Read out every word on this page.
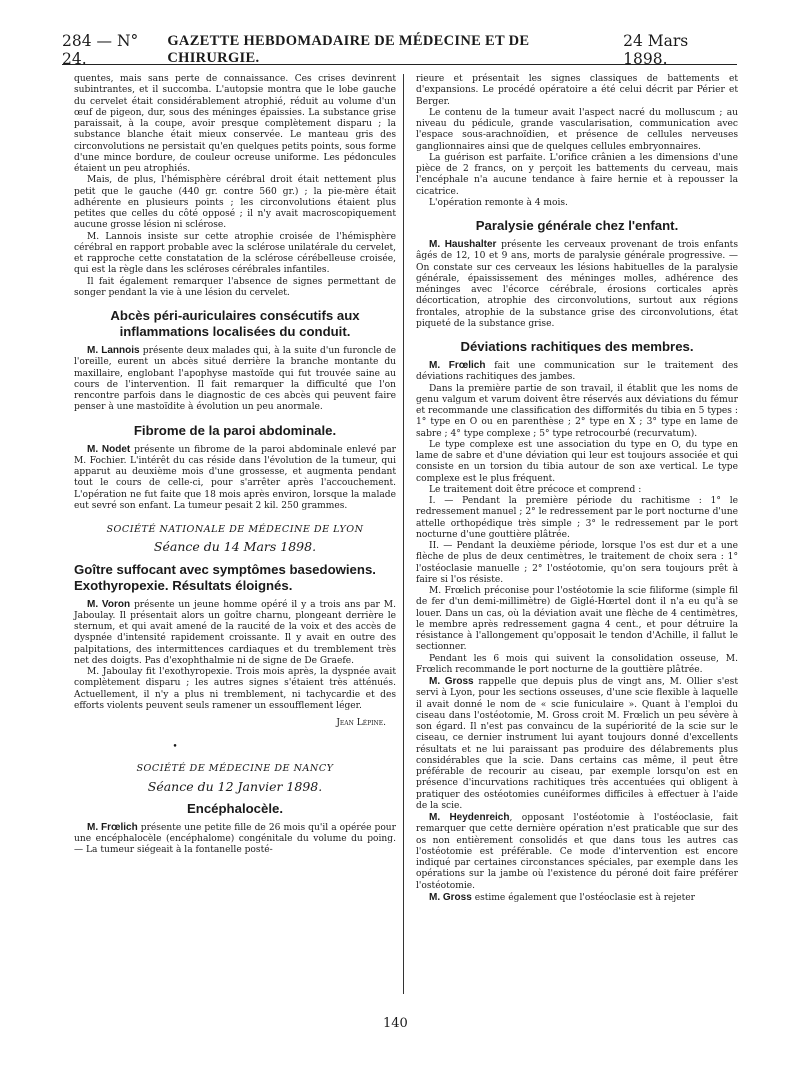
284 — N° 24.
GAZETTE HEBDOMADAIRE DE MÉDECINE ET DE CHIRURGIE.
24 Mars 1898.

quentes, mais sans perte de connaissance. Ces crises devinrent subintrantes, et il succomba. L'autopsie montra que le lobe gauche du cervelet était considérablement atrophié, réduit au volume d'un œuf de pigeon, dur, sous des méninges épaissies. La substance grise paraissait, à la coupe, avoir presque complètement disparu ; la substance blanche était mieux conservée. Le manteau gris des circonvolutions ne persistait qu'en quelques petits points, sous forme d'une mince bordure, de couleur ocreuse uniforme. Les pédoncules étaient un peu atrophiés.

Mais, de plus, l'hémisphère cérébral droit était nettement plus petit que le gauche (440 gr. contre 560 gr.) ; la pie-mère était adhérente en plusieurs points ; les circonvolutions étaient plus petites que celles du côté opposé ; il n'y avait macroscopiquement aucune grosse lésion ni sclérose.

M. Lannois insiste sur cette atrophie croisée de l'hémisphère cérébral en rapport probable avec la sclérose unilatérale du cervelet, et rapproche cette constatation de la sclérose cérébelleuse croisée, qui est la règle dans les scléroses cérébrales infantiles.

Il fait également remarquer l'absence de signes permettant de songer pendant la vie à une lésion du cervelet.

Abcès péri-auriculaires consécutifs aux inflammations localisées du conduit.

M. Lannois présente deux malades qui, à la suite d'un furoncle de l'oreille, eurent un abcès situé derrière la branche montante du maxillaire, englobant l'apophyse mastoïde qui fut trouvée saine au cours de l'intervention. Il fait remarquer la difficulté que l'on rencontre parfois dans le diagnostic de ces abcès qui peuvent faire penser à une mastoïdite à évolution un peu anormale.

Fibrome de la paroi abdominale.

M. Nodet présente un fibrome de la paroi abdominale enlevé par M. Fochier. L'intérêt du cas réside dans l'évolution de la tumeur, qui apparut au deuxième mois d'une grossesse, et augmenta pendant tout le cours de celle-ci, pour s'arrêter après l'accouchement. L'opération ne fut faite que 18 mois après environ, lorsque la malade eut sevré son enfant. La tumeur pesait 2 kil. 250 grammes.

SOCIÉTÉ NATIONALE DE MÉDECINE DE LYON
Séance du 14 Mars 1898.
Goître suffocant avec symptômes basedowiens. Exothyropexie. Résultats éloignés.

M. Voron présente un jeune homme opéré il y a trois ans par M. Jaboulay. Il présentait alors un goître charnu, plongeant derrière le sternum, et qui avait amené de la raucité de la voix et des accès de dyspnée d'intensité rapidement croissante. Il y avait en outre des palpitations, des intermittences cardiaques et du tremblement très net des doigts. Pas d'exophthalmie ni de signe de De Graefe.

M. Jaboulay fit l'exothyropexie. Trois mois après, la dyspnée avait complètement disparu ; les autres signes s'étaient très atténués. Actuellement, il n'y a plus ni tremblement, ni tachycardie et des efforts violents peuvent seuls ramener un essoufflement léger.

Jean Lépine.
•
SOCIÉTÉ DE MÉDECINE DE NANCY
Séance du 12 Janvier 1898.
Encéphalocèle.

M. Frœlich présente une petite fille de 26 mois qu'il a opérée pour une encéphalocèle (encéphalome) congénitale du volume du poing. — La tumeur siégeait à la fontanelle posté-

rieure et présentait les signes classiques de battements et d'expansions. Le procédé opératoire a été celui décrit par Périer et Berger.

Le contenu de la tumeur avait l'aspect nacré du molluscum ; au niveau du pédicule, grande vascularisation, communication avec l'espace sous-arachnoïdien, et présence de cellules nerveuses ganglionnaires ainsi que de quelques cellules embryonnaires.

La guérison est parfaite. L'orifice crânien a les dimensions d'une pièce de 2 francs, on y perçoit les battements du cerveau, mais l'encéphale n'a aucune tendance à faire hernie et à repousser la cicatrice.

L'opération remonte à 4 mois.

Paralysie générale chez l'enfant.

M. Haushalter présente les cerveaux provenant de trois enfants âgés de 12, 10 et 9 ans, morts de paralysie générale progressive. — On constate sur ces cerveaux les lésions habituelles de la paralysie générale, épaississement des méninges molles, adhérence des méninges avec l'écorce cérébrale, érosions corticales après décortication, atrophie des circonvolutions, surtout aux régions frontales, atrophie de la substance grise des circonvolutions, état piqueté de la substance grise.

Déviations rachitiques des membres.

M. Frœlich fait une communication sur le traitement des déviations rachitiques des jambes.

Dans la première partie de son travail, il établit que les noms de genu valgum et varum doivent être réservés aux déviations du fémur et recommande une classification des difformités du tibia en 5 types : 1° type en O ou en parenthèse ; 2° type en X ; 3° type en lame de sabre ; 4° type complexe ; 5° type retrocourbé (recurvatum).

Le type complexe est une association du type en O, du type en lame de sabre et d'une déviation qui leur est toujours associée et qui consiste en un torsion du tibia autour de son axe vertical. Le type complexe est le plus fréquent.

Le traitement doit être précoce et comprend :

I. — Pendant la première période du rachitisme : 1° le redressement manuel ; 2° le redressement par le port nocturne d'une attelle orthopédique très simple ; 3° le redressement par le port nocturne d'une gouttière plâtrée.

II. — Pendant la deuxième période, lorsque l'os est dur et a une flèche de plus de deux centimètres, le traitement de choix sera : 1° l'ostéoclasie manuelle ; 2° l'ostéotomie, qu'on sera toujours prêt à faire si l'os résiste.

M. Frœlich préconise pour l'ostéotomie la scie filiforme (simple fil de fer d'un demi-millimètre) de Giglé-Hœrtel dont il n'a eu qu'à se louer. Dans un cas, où la déviation avait une flèche de 4 centimètres, le membre après redressement gagna 4 cent., et pour détruire la résistance à l'allongement qu'opposait le tendon d'Achille, il fallut le sectionner.

Pendant les 6 mois qui suivent la consolidation osseuse, M. Frœlich recommande le port nocturne de la gouttière plâtrée.

M. Gross rappelle que depuis plus de vingt ans, M. Ollier s'est servi à Lyon, pour les sections osseuses, d'une scie flexible à laquelle il avait donné le nom de « scie funiculaire ». Quant à l'emploi du ciseau dans l'ostéotomie, M. Gross croit M. Frœlich un peu sévère à son égard. Il n'est pas convaincu de la supériorité de la scie sur le ciseau, ce dernier instrument lui ayant toujours donné d'excellents résultats et ne lui paraissant pas produire des délabrements plus considérables que la scie. Dans certains cas même, il peut être préférable de recourir au ciseau, par exemple lorsqu'on est en présence d'incurvations rachitiques très accentuées qui obligent à pratiquer des ostéotomies cunéiformes difficiles à effectuer à l'aide de la scie.

M. Heydenreich, opposant l'ostéotomie à l'ostéoclasie, fait remarquer que cette dernière opération n'est praticable que sur des os non entièrement consolidés et que dans tous les autres cas l'ostéotomie est préférable. Ce mode d'intervention est encore indiqué par certaines circonstances spéciales, par exemple dans les opérations sur la jambe où l'existence du péroné doit faire préférer l'ostéotomie.

M. Gross estime également que l'ostéoclasie est à rejeter

140
